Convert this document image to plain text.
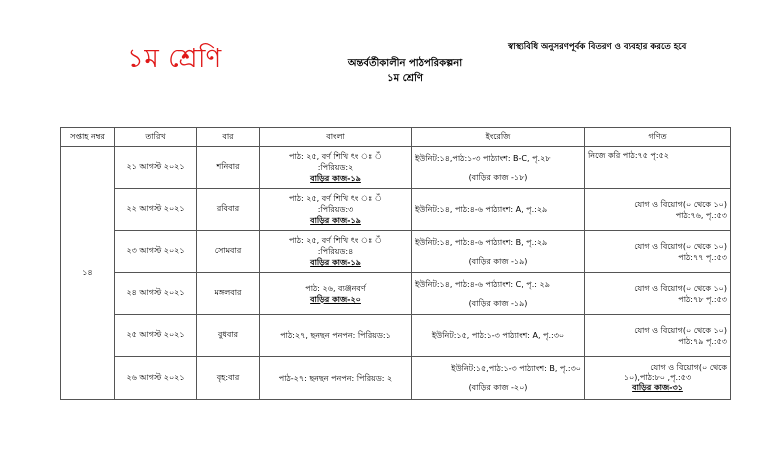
১ম শ্রেণি	স্বাস্থ্যবিধি অনুসরণপূর্বক বিতরণ ও ব্যবহার করতে হবে
অন্তর্বর্তীকালীন পাঠপরিকল্পনা
১ম শ্রেণি
সপ্তাহ নম্বর	তারিখ	বার	বাংলা	ইংরেজি	গণিত
১৪	২১ আগস্ট ২০২১	শনিবার	পাঠ: ২৫, বর্ণ শিখি ৎং ঃ ঁ
:পিরিয়ড:২
বাড়ির কাজ-১৯	ইউনিট:১৪,পাঠ:১-৩ পাঠ্যাংশ: B-C, পৃ.২৮
(বাড়ির কাজ -১৮)	নিজে করি পাঠ:৭৫ পৃ:৫২

	২২ আগস্ট ২০২১	রবিবার	পাঠ: ২৫, বর্ণ শিখি ৎং ঃ ঁ
:পিরিয়ড:৩
বাড়ির কাজ-১৯	ইউনিট:১৪, পাঠ:৪-৬ পাঠ্যাংশ: A, পৃ.:২৯	যোগ ও বিয়োগ(০ থেকে ১০)
পাঠ:৭৬, পৃ.:৫৩

	২৩ আগস্ট ২০২১	সোমবার	পাঠ: ২৫, বর্ণ শিখি ৎং ঃ ঁ
:পিরিয়ড:৪
বাড়ির কাজ-১৯	ইউনিট:১৪, পাঠ:৪-৬ পাঠ্যাংশ: B, পৃ.:২৯
(বাড়ির কাজ -১৯)	যোগ ও বিয়োগ(০ থেকে ১০)
পাঠ:৭৭ পৃ.:৫৩

	২৪ আগস্ট ২০২১	মঙ্গলবার	পাঠ: ২৬, ব্যঞ্জনবর্ণ
বাড়ির কাজ-২০	ইউনিট:১৪, পাঠ:৪-৬ পাঠ্যাংশ: C, পৃ.: ২৯
(বাড়ির কাজ -১৯)	যোগ ও বিয়োগ(০ থেকে ১০)
পাঠ:৭৮ পৃ.:৫৩

	২৫ আগস্ট ২০২১	বুধবার	পাঠ:২৭, ছনছন পনপন: পিরিয়ড:১	ইউনিট:১৫, পাঠ:১-৩ পাঠ্যাংশ: A, পৃ.:৩০	যোগ ও বিয়োগ(০ থেকে ১০)
পাঠ:৭৯ পৃ.:৫৩

	২৬ আগস্ট ২০২১	বৃহ:বার	পাঠ-২৭: ছনছন পনপন: পিরিয়ড: ২	ইউনিট:১৫,পাঠ:১-৩ পাঠ্যাংশ: B, পৃ.:৩০
(বাড়ির কাজ -২০)	যোগ ও বিয়োগ(০ থেকে
১০),পাঠ:৮০ ,পৃ.:৫৩
বাড়ির কাজ-৩১
